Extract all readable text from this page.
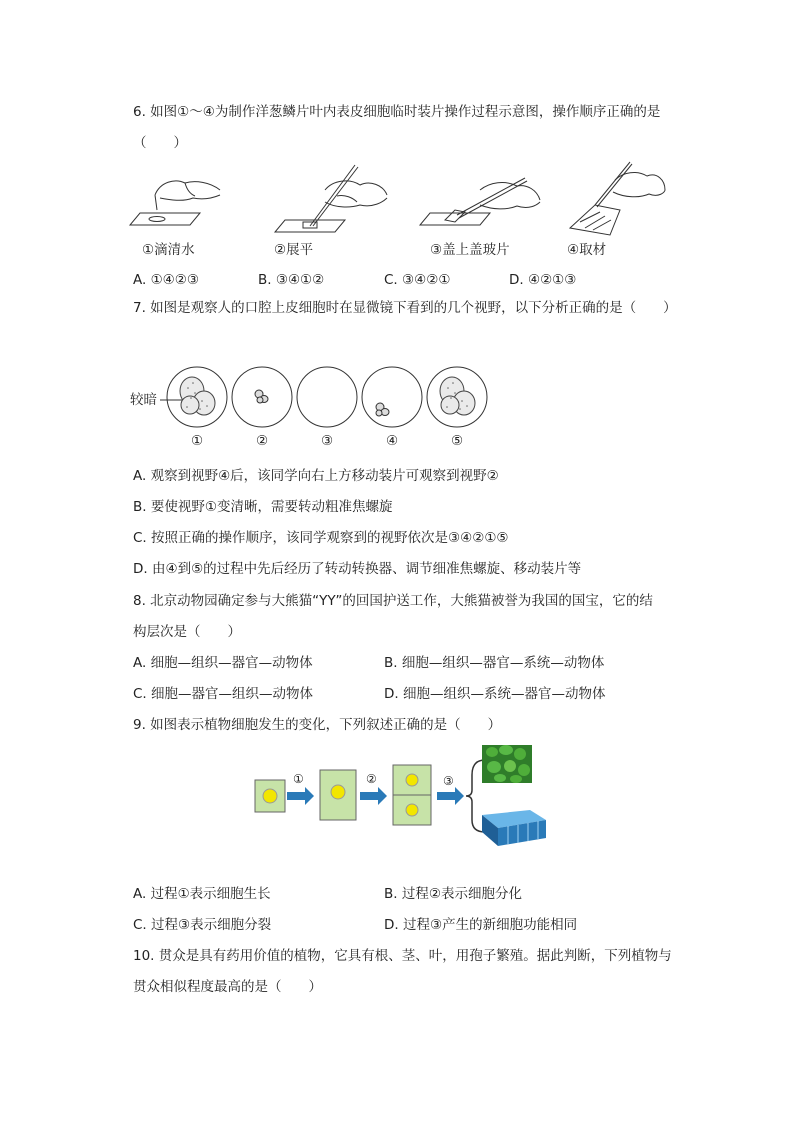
6. 如图①～④为制作洋葱鳞片叶内表皮细胞临时装片操作过程示意图，操作顺序正确的是
（　　）
①滴清水	②展平	③盖上盖玻片	④取材
A. ①④②③	B. ③④①②	C. ③④②①	D. ④②①③
7. 如图是观察人的口腔上皮细胞时在显微镜下看到的几个视野，以下分析正确的是（　　）
较暗
①	②	③	④	⑤
A. 观察到视野④后，该同学向右上方移动装片可观察到视野②
B. 要使视野①变清晰，需要转动粗准焦螺旋
C. 按照正确的操作顺序，该同学观察到的视野依次是③④②①⑤
D. 由④到⑤的过程中先后经历了转动转换器、调节细准焦螺旋、移动装片等
8. 北京动物园确定参与大熊猫“YY”的回国护送工作，大熊猫被誉为我国的国宝，它的结
构层次是（　　）
A. 细胞—组织—器官—动物体	B. 细胞—组织—器官—系统—动物体
C. 细胞—器官—组织—动物体	D. 细胞—组织—系统—器官—动物体
9. 如图表示植物细胞发生的变化，下列叙述正确的是（　　）
①	②	③
A. 过程①表示细胞生长	B. 过程②表示细胞分化
C. 过程③表示细胞分裂	D. 过程③产生的新细胞功能相同
10. 贯众是具有药用价值的植物，它具有根、茎、叶，用孢子繁殖。据此判断，下列植物与
贯众相似程度最高的是（　　）
